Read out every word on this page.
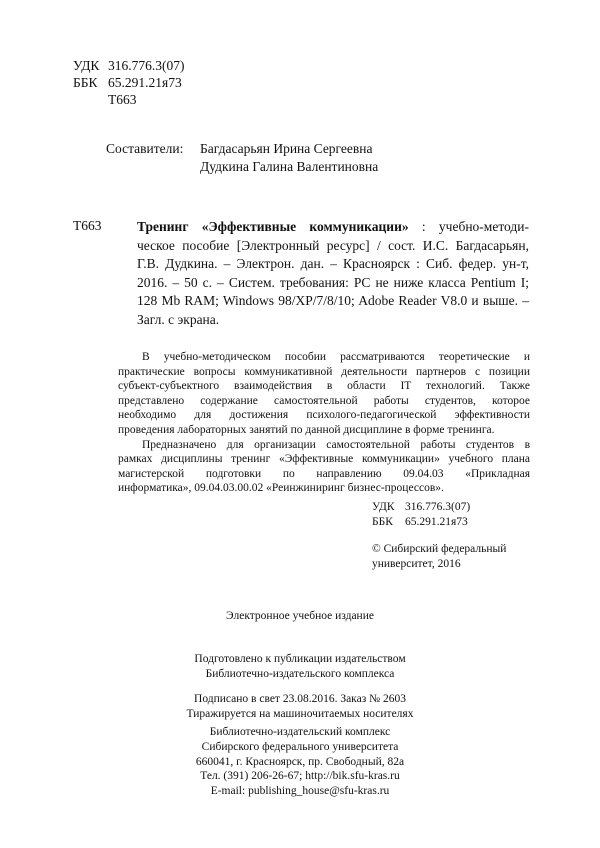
УДК 316.776.3(07)
ББК 65.291.21я73
Т663
Составители:	Багдасарьян Ирина Сергеевна
Дудкина Галина Валентиновна
Т663	Тренинг «Эффективные коммуникации» : учебно-методи-
ческое пособие [Электронный ресурс] / сост. И.С. Багдасарьян,
Г.В. Дудкина. – Электрон. дан. – Красноярск : Сиб. федер. ун-т,
2016. – 50 с. – Систем. требования: PC не ниже класса Pentium I;
128 Mb RAM; Windows 98/XP/7/8/10; Adobe Reader V8.0 и выше. –
Загл. с экрана.
В учебно-методическом пособии рассматриваются теоретические и
практические вопросы коммуникативной деятельности партнеров с позиции
субъект-субъектного взаимодействия в области IT технологий. Также
представлено содержание самостоятельной работы студентов, которое
необходимо для достижения психолого-педагогической эффективности
проведения лабораторных занятий по данной дисциплине в форме тренинга.
Предназначено для организации самостоятельной работы студентов в
рамках дисциплины тренинг «Эффективные коммуникации» учебного плана
магистерской подготовки по направлению 09.04.03 «Прикладная
информатика», 09.04.03.00.02 «Реинжиниринг бизнес-процессов».
УДК 316.776.3(07)
ББК	65.291.21я73
© Сибирский федеральный
университет, 2016
Электронное учебное издание
Подготовлено к публикации издательством
Библиотечно-издательского комплекса
Подписано в свет 23.08.2016. Заказ № 2603
Тиражируется на машиночитаемых носителях
Библиотечно-издательский комплекс
Сибирского федерального университета
660041, г. Красноярск, пр. Свободный, 82а
Тел. (391) 206-26-67; http://bik.sfu-kras.ru
E-mail: publishing_house@sfu-kras.ru
